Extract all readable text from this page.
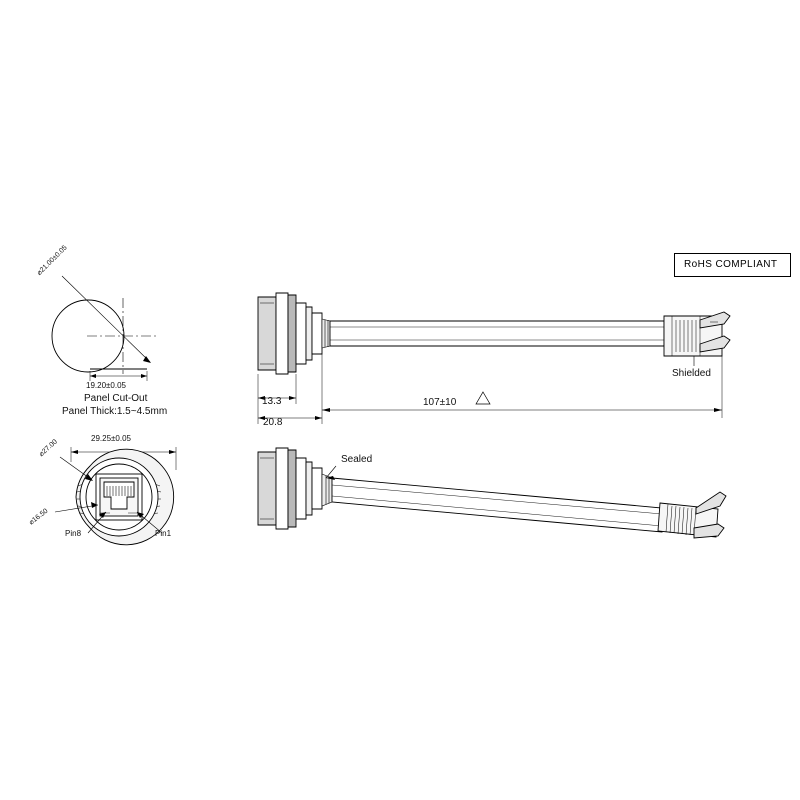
RoHS COMPLIANT
⌀21.00±0.05
19.20±0.05
Panel Cut-Out
Panel Thick:1.5~4.5mm
29.25±0.05
⌀27.00
⌀16.50
Pin8	Pin1
13.3
20.8
107±10
Shielded
Sealed
